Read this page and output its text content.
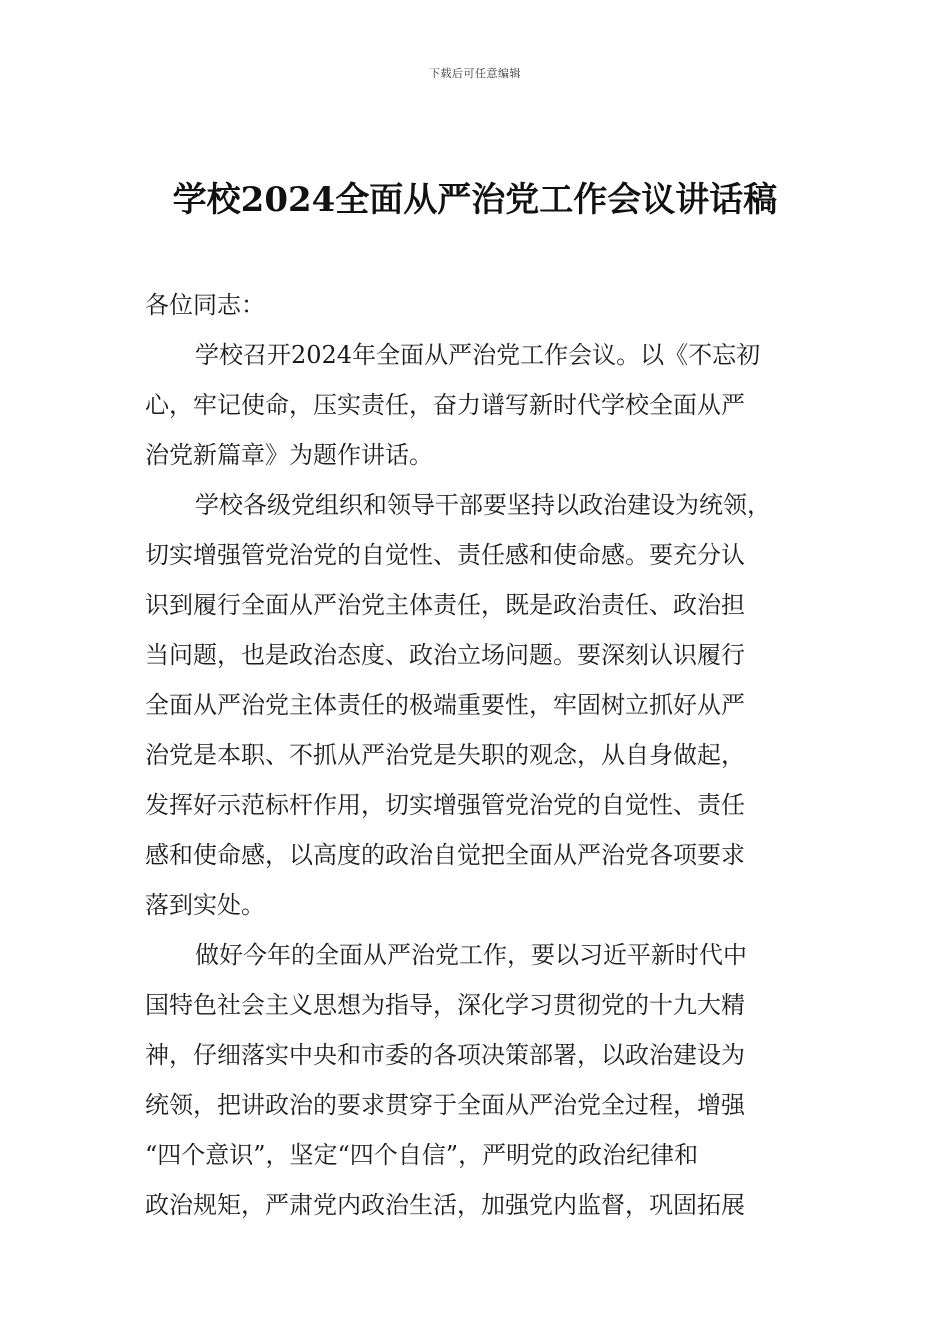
下载后可任意编辑
学校2024全面从严治党工作会议讲话稿
各位同志：
学校召开2024年全面从严治党工作会议。以《不忘初
心，牢记使命，压实责任，奋力谱写新时代学校全面从严
治党新篇章》为题作讲话。
学校各级党组织和领导干部要坚持以政治建设为统领，
切实增强管党治党的自觉性、责任感和使命感。要充分认
识到履行全面从严治党主体责任，既是政治责任、政治担
当问题，也是政治态度、政治立场问题。要深刻认识履行
全面从严治党主体责任的极端重要性，牢固树立抓好从严
治党是本职、不抓从严治党是失职的观念，从自身做起，
发挥好示范标杆作用，切实增强管党治党的自觉性、责任
感和使命感，以高度的政治自觉把全面从严治党各项要求
落到实处。
做好今年的全面从严治党工作，要以习近平新时代中
国特色社会主义思想为指导，深化学习贯彻党的十九大精
神，仔细落实中央和市委的各项决策部署，以政治建设为
统领，把讲政治的要求贯穿于全面从严治党全过程，增强
“四个意识”，坚定“四个自信”，严明党的政治纪律和
政治规矩，严肃党内政治生活，加强党内监督，巩固拓展
